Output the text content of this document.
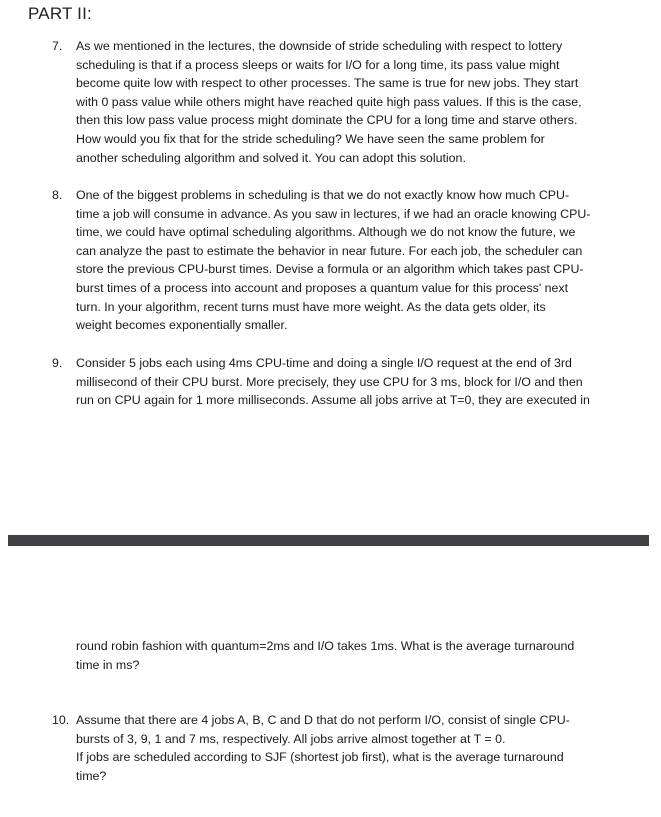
PART II:
7. As we mentioned in the lectures, the downside of stride scheduling with respect to lottery
scheduling is that if a process sleeps or waits for I/O for a long time, its pass value might
become quite low with respect to other processes. The same is true for new jobs. They start
with 0 pass value while others might have reached quite high pass values. If this is the case,
then this low pass value process might dominate the CPU for a long time and starve others.
How would you fix that for the stride scheduling? We have seen the same problem for
another scheduling algorithm and solved it. You can adopt this solution.
8. One of the biggest problems in scheduling is that we do not exactly know how much CPU-
time a job will consume in advance. As you saw in lectures, if we had an oracle knowing CPU-
time, we could have optimal scheduling algorithms. Although we do not know the future, we
can analyze the past to estimate the behavior in near future. For each job, the scheduler can
store the previous CPU-burst times. Devise a formula or an algorithm which takes past CPU-
burst times of a process into account and proposes a quantum value for this process' next
turn. In your algorithm, recent turns must have more weight. As the data gets older, its
weight becomes exponentially smaller.
9. Consider 5 jobs each using 4ms CPU-time and doing a single I/O request at the end of 3rd
millisecond of their CPU burst. More precisely, they use CPU for 3 ms, block for I/O and then
run on CPU again for 1 more milliseconds. Assume all jobs arrive at T=0, they are executed in
round robin fashion with quantum=2ms and I/O takes 1ms. What is the average turnaround
time in ms?
10. Assume that there are 4 jobs A, B, C and D that do not perform I/O, consist of single CPU-
bursts of 3, 9, 1 and 7 ms, respectively. All jobs arrive almost together at T = 0.
If jobs are scheduled according to SJF (shortest job first), what is the average turnaround
time?
